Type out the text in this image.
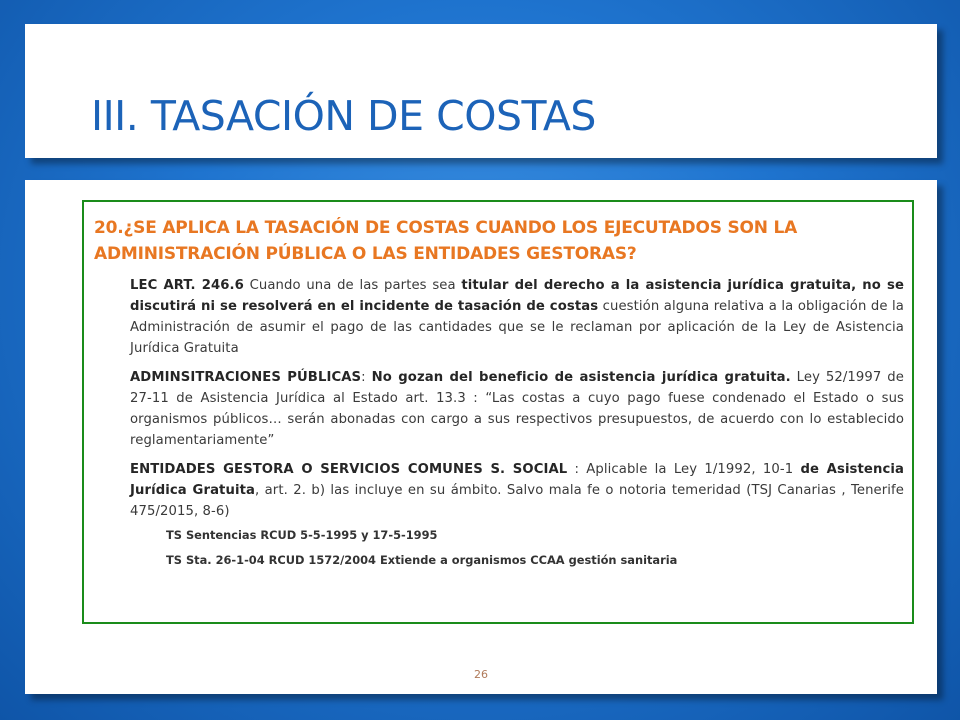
III. TASACIÓN DE COSTAS
20.¿SE APLICA LA TASACIÓN DE COSTAS CUANDO LOS EJECUTADOS SON LA ADMINISTRACIÓN PÚBLICA O LAS ENTIDADES GESTORAS?

LEC ART. 246.6 Cuando una de las partes sea titular del derecho a la asistencia jurídica gratuita, no se discutirá ni se resolverá en el incidente de tasación de costas cuestión alguna relativa a la obligación de la Administración de asumir el pago de las cantidades que se le reclaman por aplicación de la Ley de Asistencia Jurídica Gratuita

ADMINSITRACIONES PÚBLICAS: No gozan del beneficio de asistencia jurídica gratuita. Ley 52/1997 de 27-11 de Asistencia Jurídica al Estado art. 13.3 : “Las costas a cuyo pago fuese condenado el Estado o sus organismos públicos… serán abonadas con cargo a sus respectivos presupuestos, de acuerdo con lo establecido reglamentariamente”

ENTIDADES GESTORA O SERVICIOS COMUNES S. SOCIAL : Aplicable la Ley 1/1992, 10-1 de Asistencia Jurídica Gratuita, art. 2. b) las incluye en su ámbito. Salvo mala fe o notoria temeridad (TSJ Canarias , Tenerife 475/2015, 8-6)

TS Sentencias RCUD 5-5-1995 y 17-5-1995
TS Sta. 26-1-04 RCUD 1572/2004 Extiende a organismos CCAA gestión sanitaria
26
